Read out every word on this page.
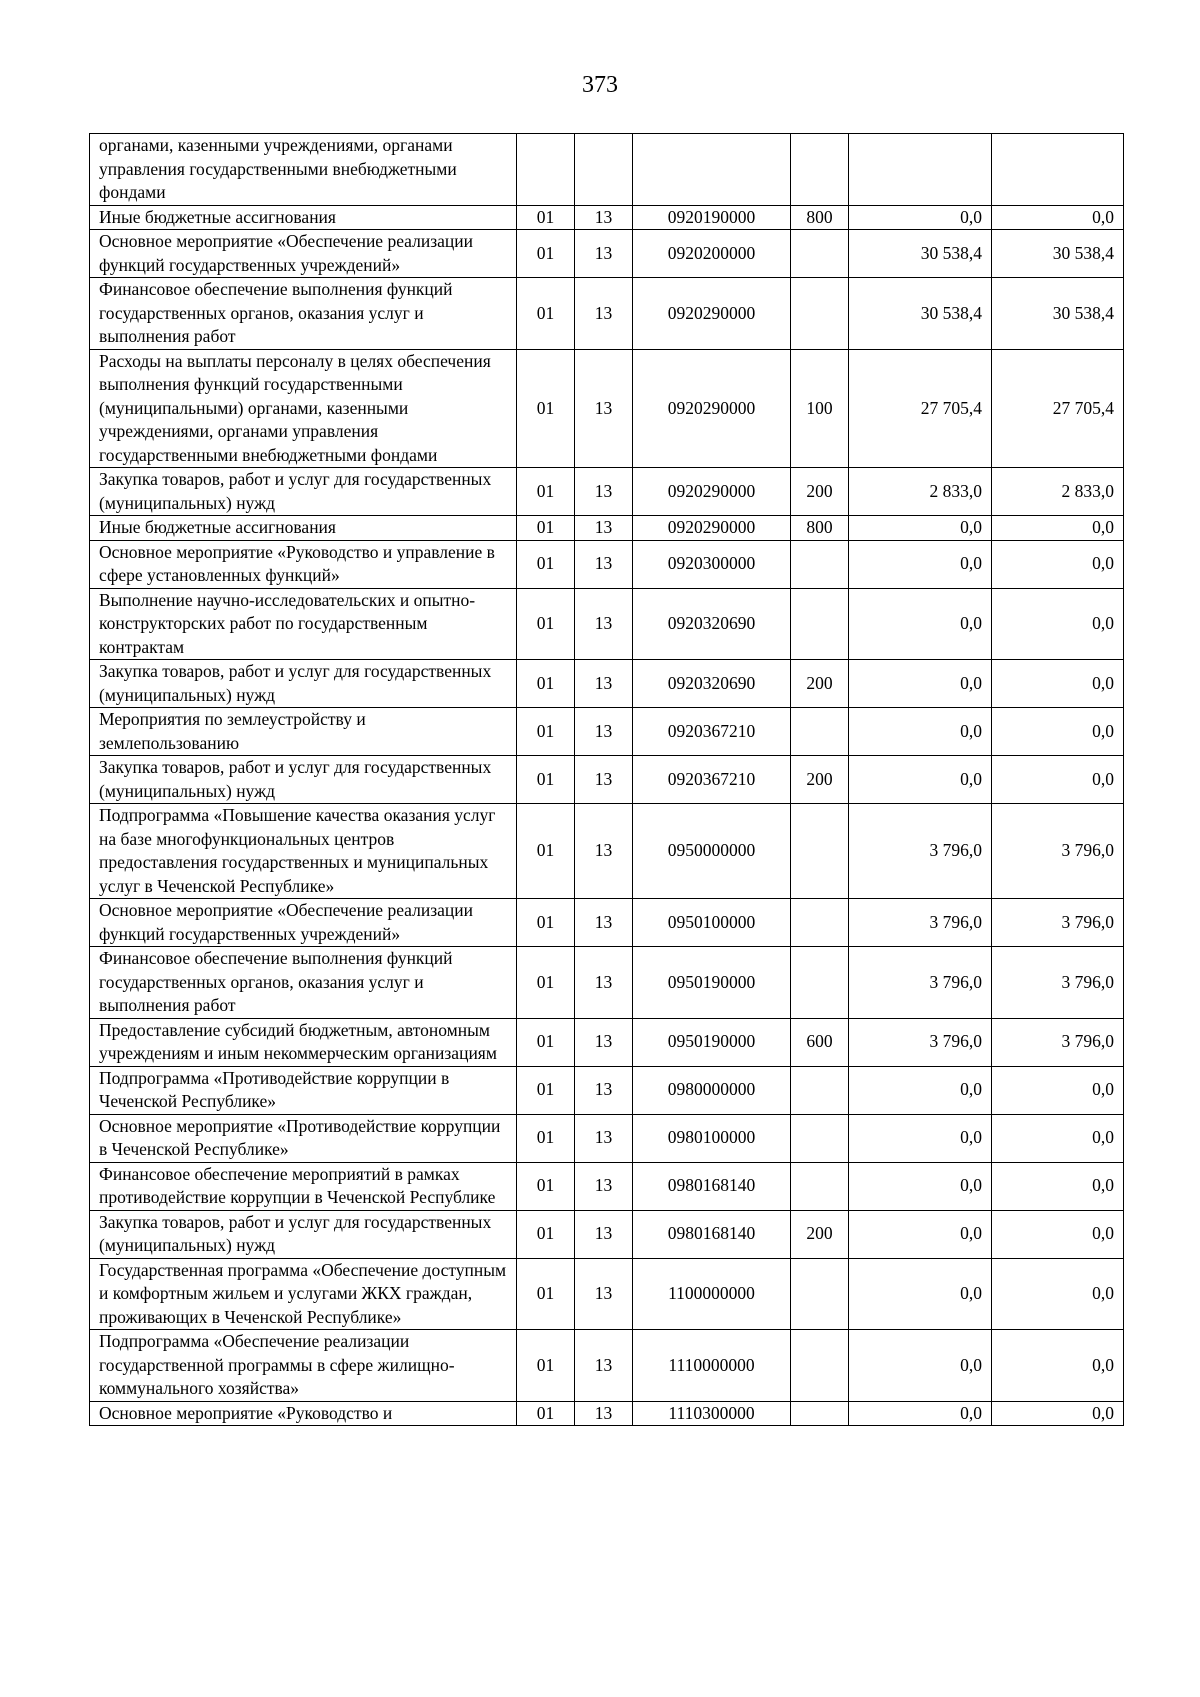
373
органами, казенными учреждениями, органами управления государственными внебюджетными фондами						
Иные бюджетные ассигнования	01	13	0920190000	800	0,0	0,0
Основное мероприятие «Обеспечение реализации функций государственных учреждений»	01	13	0920200000		30 538,4	30 538,4
Финансовое обеспечение выполнения функций государственных органов, оказания услуг и выполнения работ	01	13	0920290000		30 538,4	30 538,4
Расходы на выплаты персоналу в целях обеспечения выполнения функций государственными (муниципальными) органами, казенными учреждениями, органами управления государственными внебюджетными фондами	01	13	0920290000	100	27 705,4	27 705,4
Закупка товаров, работ и услуг для государственных (муниципальных) нужд	01	13	0920290000	200	2 833,0	2 833,0
Иные бюджетные ассигнования	01	13	0920290000	800	0,0	0,0
Основное мероприятие «Руководство и управление в сфере установленных функций»	01	13	0920300000		0,0	0,0
Выполнение научно-исследовательских и опытно-конструкторских работ по государственным контрактам	01	13	0920320690		0,0	0,0
Закупка товаров, работ и услуг для государственных (муниципальных) нужд	01	13	0920320690	200	0,0	0,0
Мероприятия по землеустройству и землепользованию	01	13	0920367210		0,0	0,0
Закупка товаров, работ и услуг для государственных (муниципальных) нужд	01	13	0920367210	200	0,0	0,0
Подпрограмма «Повышение качества оказания услуг на базе многофункциональных центров предоставления государственных и муниципальных услуг в Чеченской Республике»	01	13	0950000000		3 796,0	3 796,0
Основное мероприятие «Обеспечение реализации функций государственных учреждений»	01	13	0950100000		3 796,0	3 796,0
Финансовое обеспечение выполнения функций государственных органов, оказания услуг и выполнения работ	01	13	0950190000		3 796,0	3 796,0
Предоставление субсидий бюджетным, автономным учреждениям и иным некоммерческим организациям	01	13	0950190000	600	3 796,0	3 796,0
Подпрограмма «Противодействие коррупции в Чеченской Республике»	01	13	0980000000		0,0	0,0
Основное мероприятие «Противодействие коррупции в Чеченской Республике»	01	13	0980100000		0,0	0,0
Финансовое обеспечение мероприятий в рамках противодействие коррупции в Чеченской Республике	01	13	0980168140		0,0	0,0
Закупка товаров, работ и услуг для государственных (муниципальных) нужд	01	13	0980168140	200	0,0	0,0
Государственная программа «Обеспечение доступным и комфортным жильем и услугами ЖКХ граждан, проживающих в Чеченской Республике»	01	13	1100000000		0,0	0,0
Подпрограмма «Обеспечение реализации государственной программы в сфере жилищно-коммунального хозяйства»	01	13	1110000000		0,0	0,0
Основное мероприятие «Руководство и	01	13	1110300000		0,0	0,0
